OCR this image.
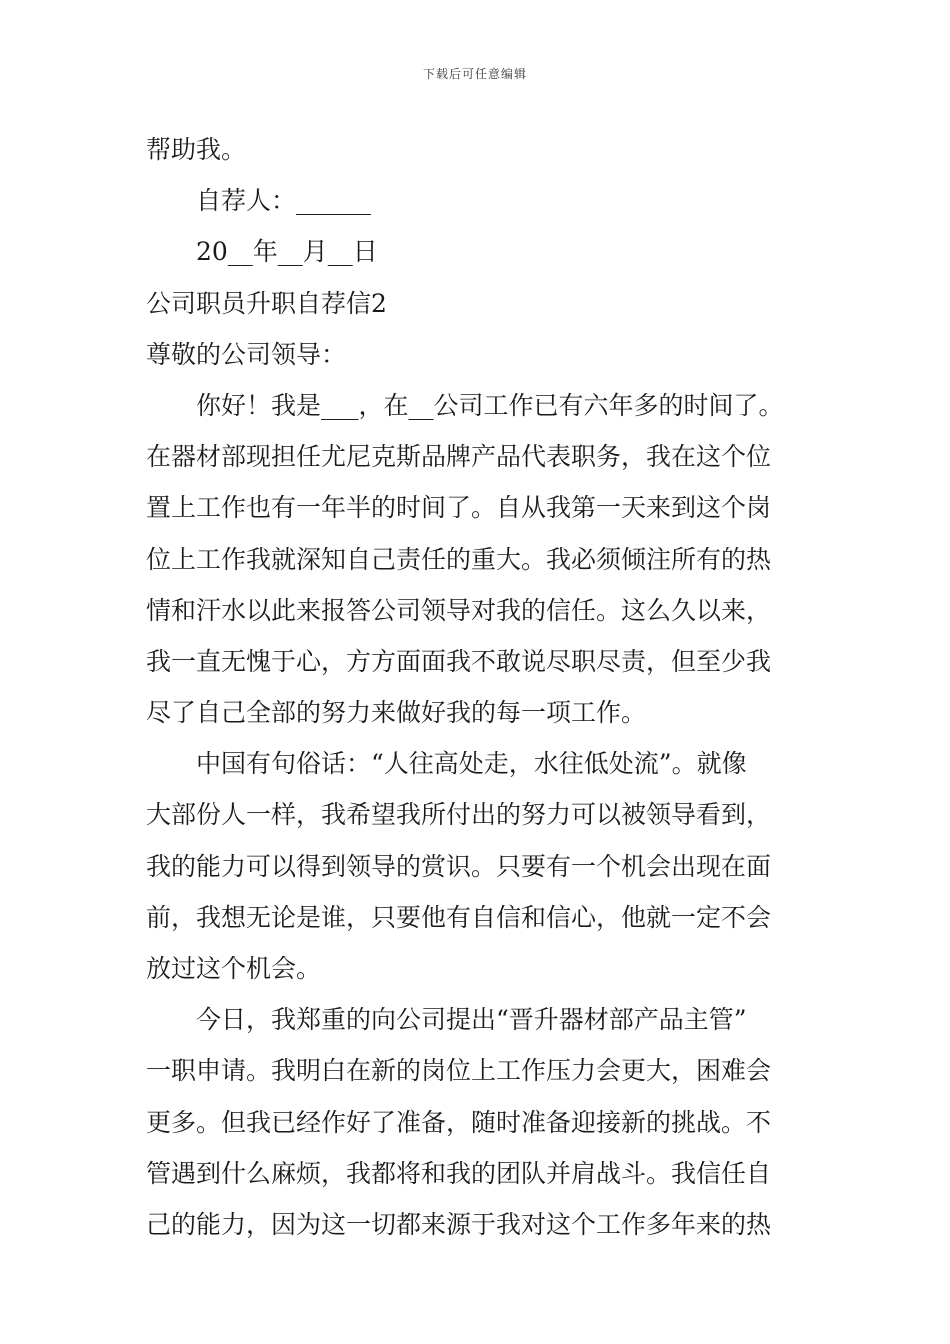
下载后可任意编辑
帮助我。
自荐人：______
20__年__月__日
公司职员升职自荐信2
尊敬的公司领导：
你好！我是___，在__公司工作已有六年多的时间了。
在器材部现担任尤尼克斯品牌产品代表职务，我在这个位
置上工作也有一年半的时间了。自从我第一天来到这个岗
位上工作我就深知自己责任的重大。我必须倾注所有的热
情和汗水以此来报答公司领导对我的信任。这么久以来，
我一直无愧于心，方方面面我不敢说尽职尽责，但至少我
尽了自己全部的努力来做好我的每一项工作。
中国有句俗话：“人往高处走，水往低处流”。就像
大部份人一样，我希望我所付出的努力可以被领导看到，
我的能力可以得到领导的赏识。只要有一个机会出现在面
前，我想无论是谁，只要他有自信和信心，他就一定不会
放过这个机会。
今日，我郑重的向公司提出“晋升器材部产品主管”
一职申请。我明白在新的岗位上工作压力会更大，困难会
更多。但我已经作好了准备，随时准备迎接新的挑战。不
管遇到什么麻烦，我都将和我的团队并肩战斗。我信任自
己的能力，因为这一切都来源于我对这个工作多年来的热
